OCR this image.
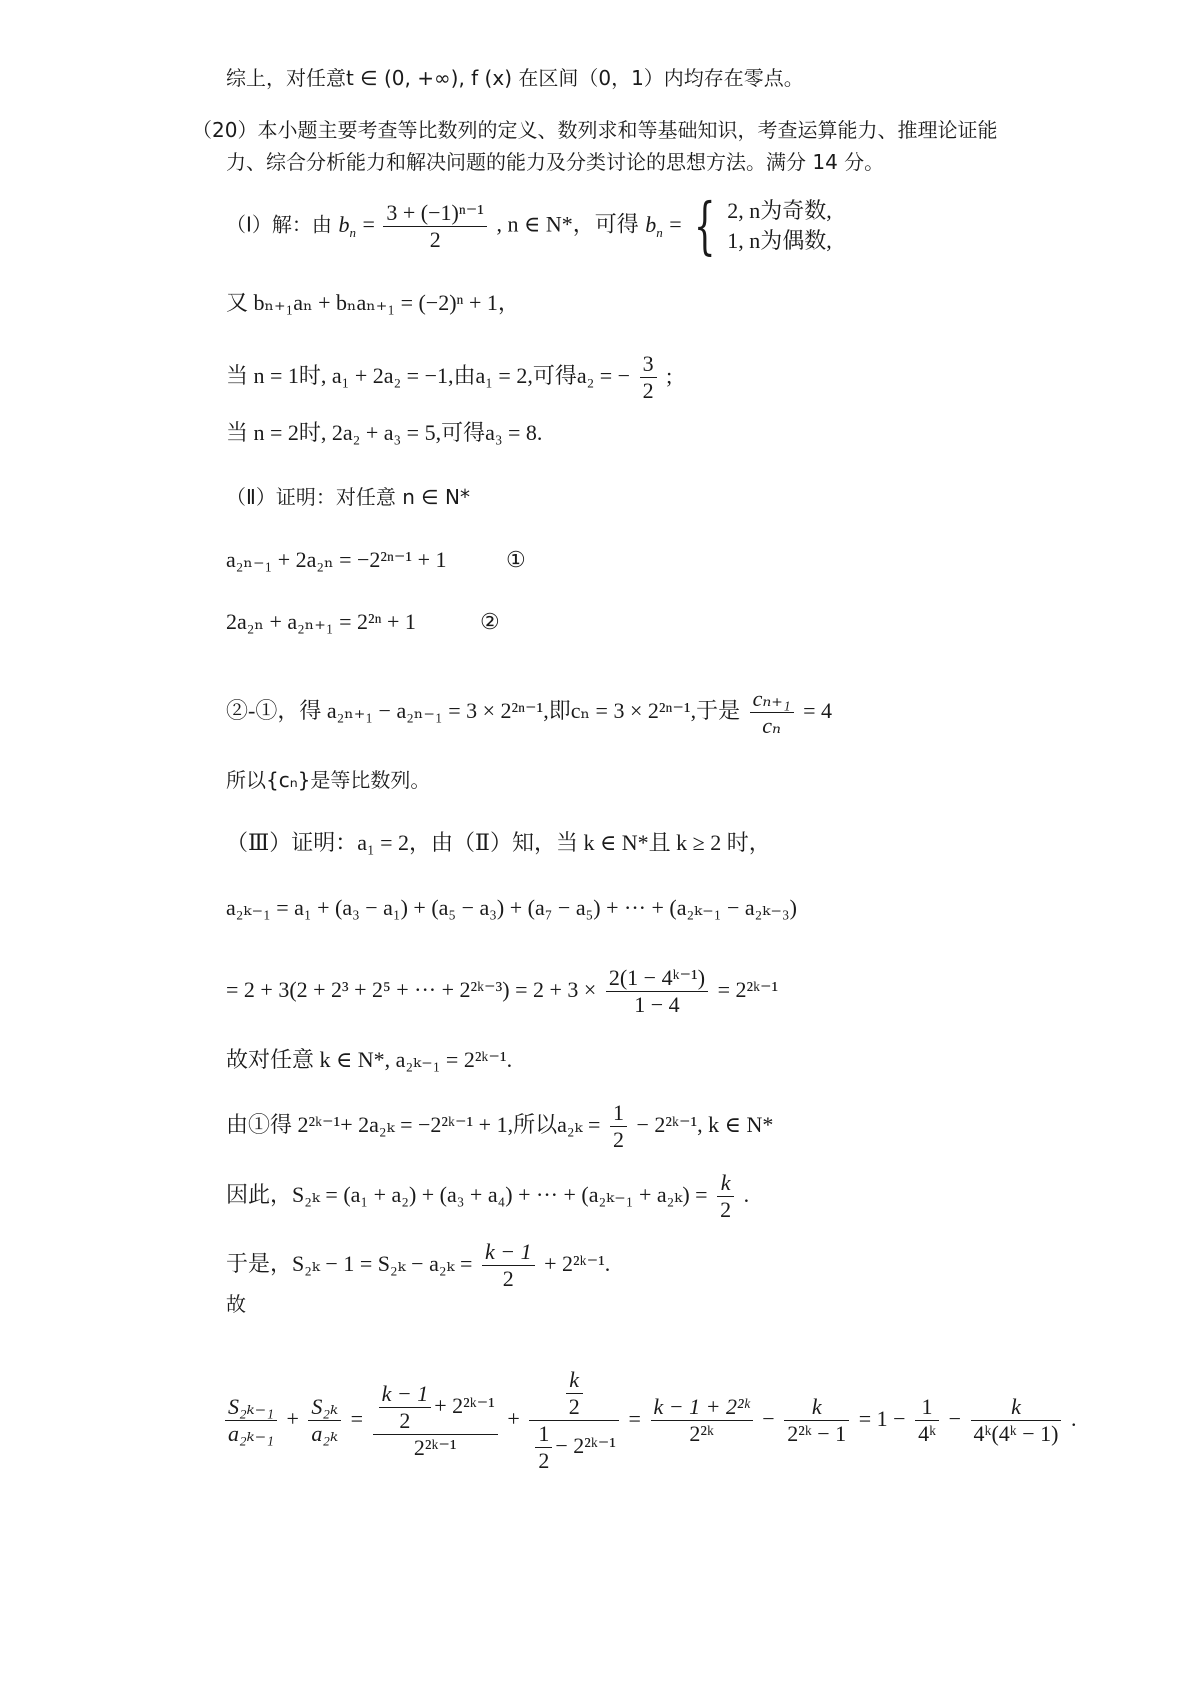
综上，对任意t ∈ (0, +∞), f (x) 在区间（0，1）内均存在零点。
（20）本小题主要考查等比数列的定义、数列求和等基础知识，考查运算能力、推理论证能
力、综合分析能力和解决问题的能力及分类讨论的思想方法。满分 14 分。
（Ⅰ）解：由 $b_n = \frac{\text{3 + (−1)ⁿ⁻¹}}{2}$ , n ∈ N*，可得 $b_n$ = { 2, n为奇数,
1, n为偶数,
又 bₙ₊₁aₙ + bₙaₙ₊₁ = (−2)ⁿ + 1，
当 n = 1时, a₁ + 2a₂ = −1,由a₁ = 2,可得a₂ = − $\frac{3}{2}$ ;
当 n = 2时, 2a₂ + a₃ = 5,可得a₃ = 8.
（Ⅱ）证明：对任意 n ∈ N*
a₂ₙ₋₁ + 2a₂ₙ = −2²ⁿ⁻¹ + 1	①
2a₂ₙ + a₂ₙ₊₁ = 2²ⁿ + 1	②
②-①，得 a₂ₙ₊₁ − a₂ₙ₋₁ = 3 × 2²ⁿ⁻¹,即cₙ = 3 × 2²ⁿ⁻¹,于是 $\frac{\text{cₙ₊₁}}{\text{cₙ}} = 4$
所以{cₙ}是等比数列。
（Ⅲ）证明：a₁ = 2，由（Ⅱ）知，当 k ∈ N*且 k ≥ 2 时，
a₂ₖ₋₁ = a₁ + (a₃ − a₁) + (a₅ − a₃) + (a₇ − a₅) + ··· + (a₂ₖ₋₁ − a₂ₖ₋₃)
= 2 + 3(2 + 2³ + 2⁵ + ··· + 2²ᵏ⁻³) = $2 + 3 \times \frac{\text{2(1 − 4ᵏ⁻¹)}}{1 - 4}$ = 2²ᵏ⁻¹
故对任意 k ∈ N*, a₂ₖ₋₁ = 2²ᵏ⁻¹.
由①得 2²ᵏ⁻¹+ 2a₂ₖ = −2²ᵏ⁻¹ + 1,所以$a_{2k} = \frac{1}{2}$ − 2²ᵏ⁻¹, k ∈ N*
因此，S₂ₖ = (a₁ + a₂) + (a₃ + a₄) + ··· + $(a_{2k-1} + a_{2k}) = \frac{k}{2}$ .
于是，$S_{2k} - 1 = S_{2k} - a_{2k} = \frac{k - 1}{2}$ + 2²ᵏ⁻¹.
故
$\frac{\text{S₂ₖ₋₁}}{\text{a₂ₖ₋₁}} + \frac{\text{S₂ₖ}}{\text{a₂ₖ}} = \frac{\frac{k - 1}{2} + 2^2ᵏ^{-1}}{\text{2²ᵏ⁻¹}} + \frac{\frac{k}{2}}{\frac{1}{2} - 2^2ᵏ^{-1}} = \frac{\text{k − 1 + 2²ᵏ}}{\text{2²ᵏ}} - \frac{k}{\text{2²ᵏ − 1}} = 1 - \frac{1}{\text{4ᵏ}} - \frac{k}{\text{4ᵏ(4ᵏ − 1)}}$ .
